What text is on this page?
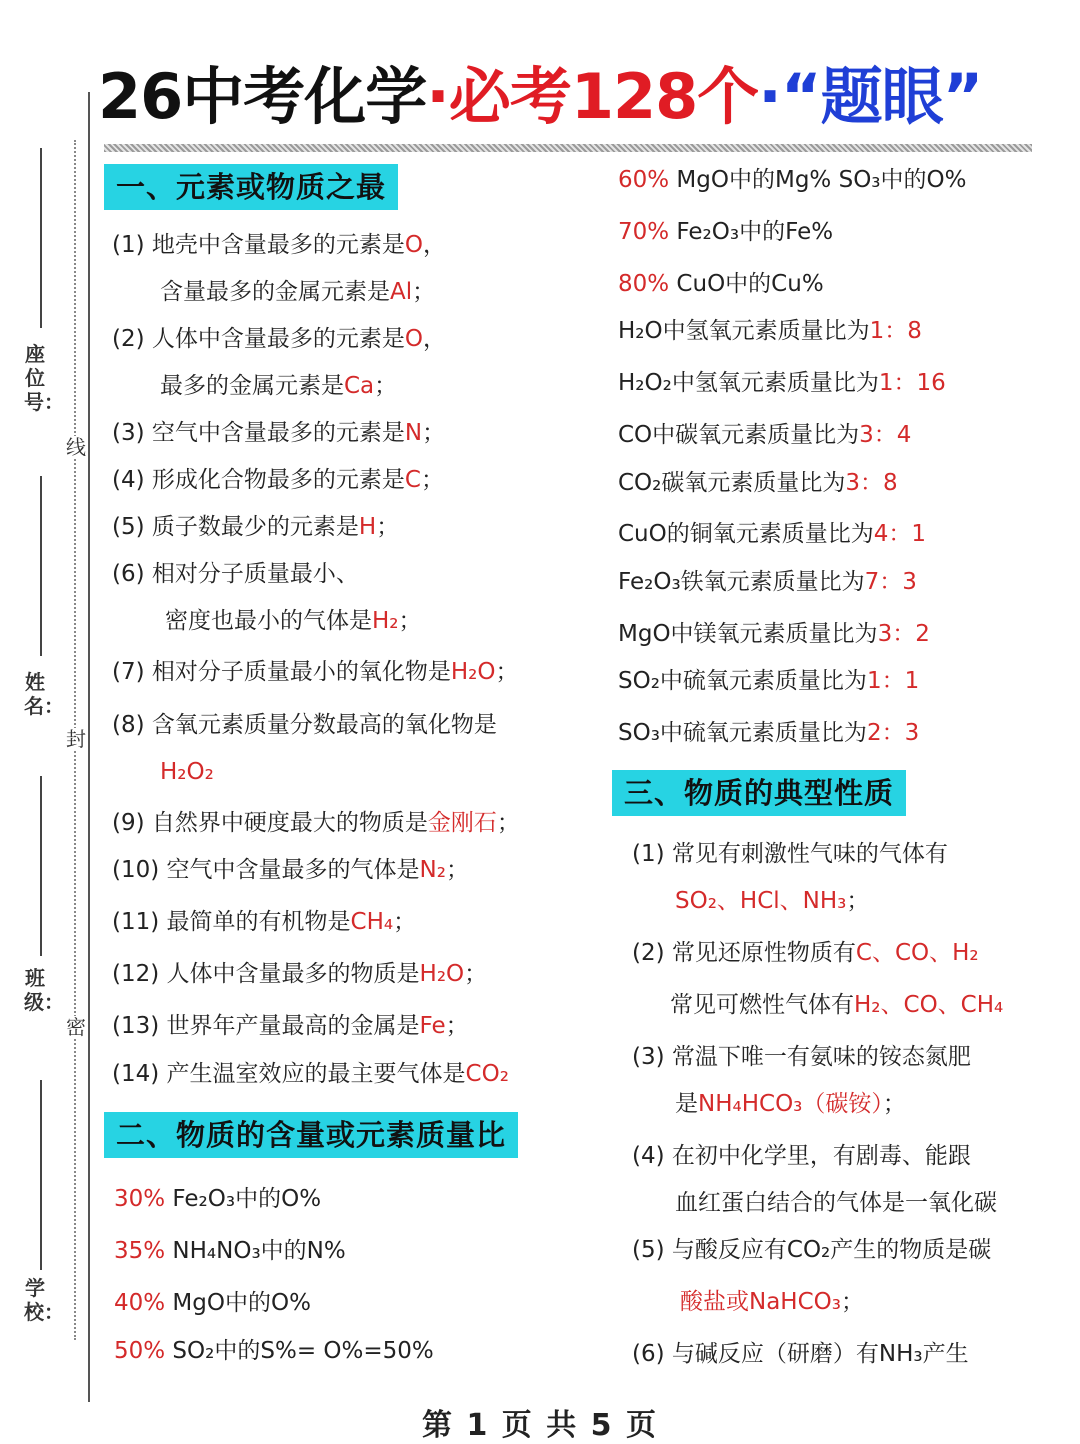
26中考化学·必考128个·“题眼”
线
封
密
座位号：
姓名：
班级：
学校：
一、元素或物质之最
二、物质的含量或元素质量比
三、物质的典型性质
(1) 地壳中含量最多的元素是O，
含量最多的金属元素是Al；
(2) 人体中含量最多的元素是O，
最多的金属元素是Ca；
(3) 空气中含量最多的元素是N；
(4) 形成化合物最多的元素是C；
(5) 质子数最少的元素是H；
(6) 相对分子质量最小、
密度也最小的气体是H₂；
(7) 相对分子质量最小的氧化物是H₂O；
(8) 含氧元素质量分数最高的氧化物是
H₂O₂
(9) 自然界中硬度最大的物质是金刚石；
(10) 空气中含量最多的气体是N₂；
(11) 最简单的有机物是CH₄；
(12) 人体中含量最多的物质是H₂O；
(13) 世界年产量最高的金属是Fe；
(14) 产生温室效应的最主要气体是CO₂
30% Fe₂O₃中的O%
35% NH₄NO₃中的N%
40% MgO中的O%
50% SO₂中的S%= O%=50%
60% MgO中的Mg% SO₃中的O%
70% Fe₂O₃中的Fe%
80% CuO中的Cu%
H₂O中氢氧元素质量比为1：8
H₂O₂中氢氧元素质量比为1：16
CO中碳氧元素质量比为3：4
CO₂碳氧元素质量比为3：8
CuO的铜氧元素质量比为4：1
Fe₂O₃铁氧元素质量比为7：3
MgO中镁氧元素质量比为3：2
SO₂中硫氧元素质量比为1：1
SO₃中硫氧元素质量比为2：3
(1) 常见有刺激性气味的气体有
SO₂、HCl、NH₃；
(2) 常见还原性物质有C、CO、H₂
常见可燃性气体有H₂、CO、CH₄
(3) 常温下唯一有氨味的铵态氮肥
是NH₄HCO₃（碳铵）；
(4) 在初中化学里，有剧毒、能跟
血红蛋白结合的气体是一氧化碳
(5) 与酸反应有CO₂产生的物质是碳
酸盐或NaHCO₃；
(6) 与碱反应（研磨）有NH₃产生
第 1 页 共 5 页
